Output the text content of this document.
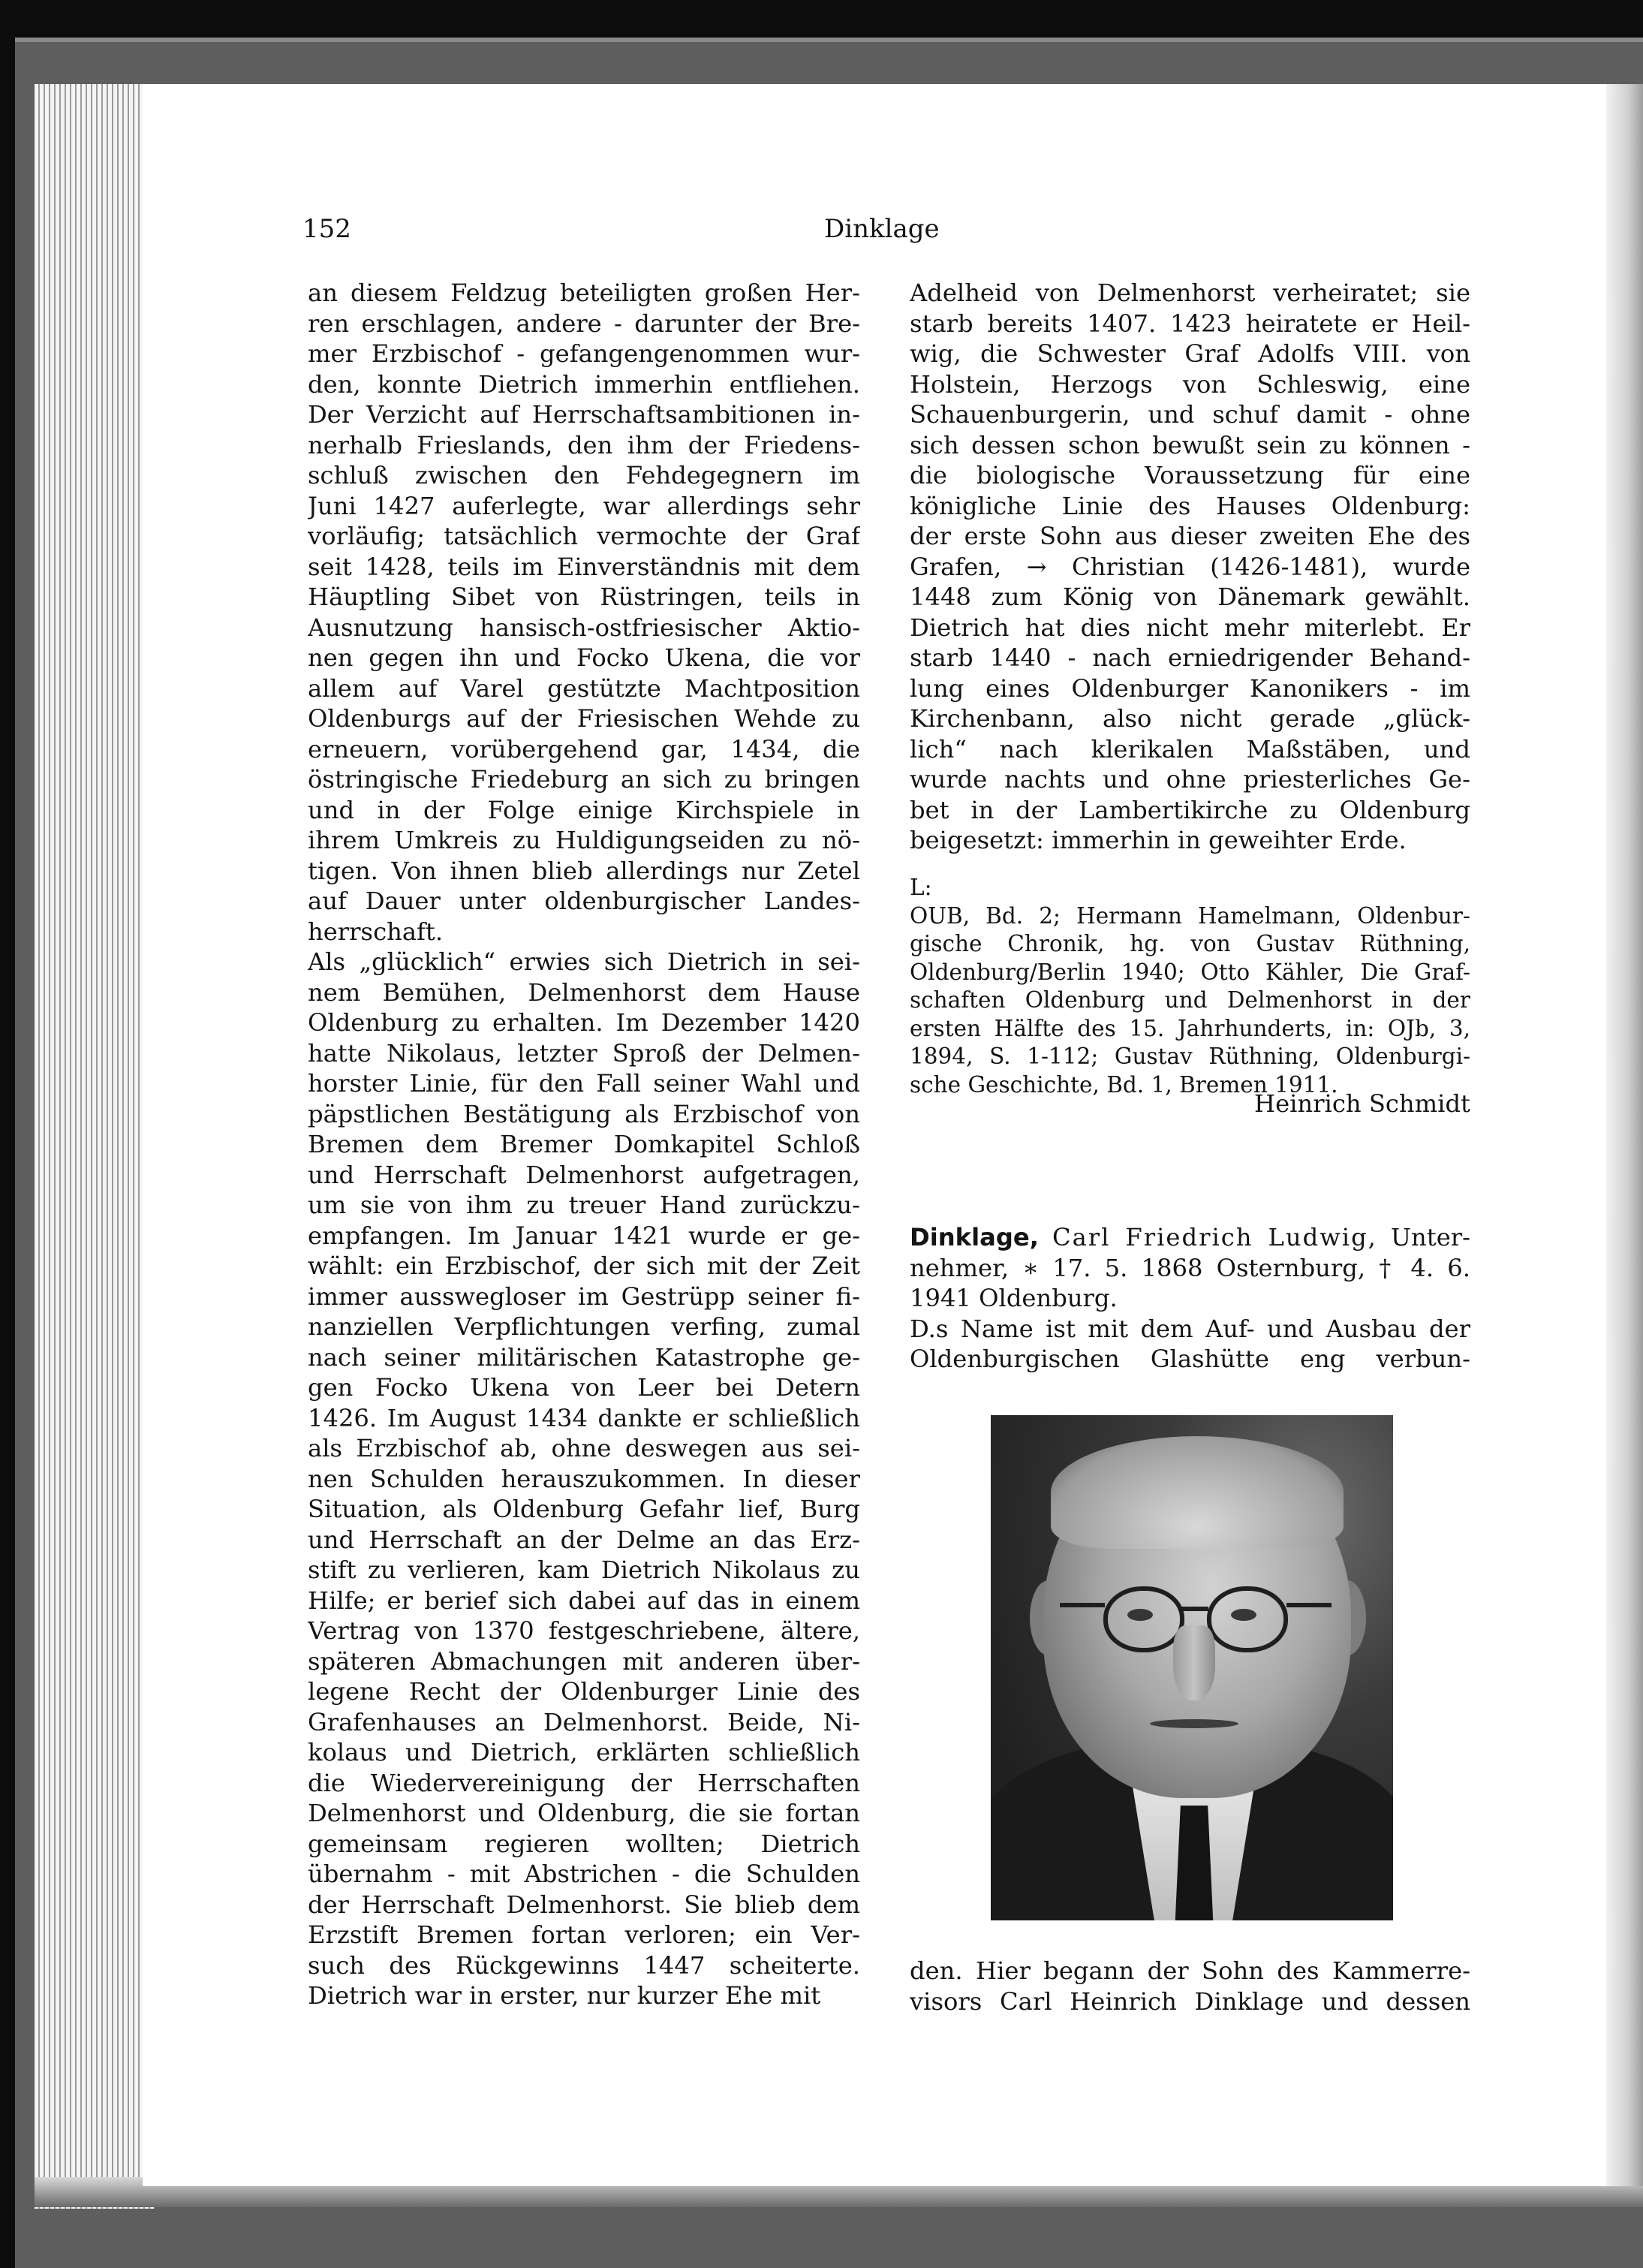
152	Dinklage
an diesem Feldzug beteiligten großen Her-
ren erschlagen, andere - darunter der Bre-
mer Erzbischof - gefangengenommen wur-
den, konnte Dietrich immerhin entfliehen.
Der Verzicht auf Herrschaftsambitionen in-
nerhalb Frieslands, den ihm der Friedens-
schluß zwischen den Fehdegegnern im
Juni 1427 auferlegte, war allerdings sehr
vorläufig; tatsächlich vermochte der Graf
seit 1428, teils im Einverständnis mit dem
Häuptling Sibet von Rüstringen, teils in
Ausnutzung hansisch-ostfriesischer Aktio-
nen gegen ihn und Focko Ukena, die vor
allem auf Varel gestützte Machtposition
Oldenburgs auf der Friesischen Wehde zu
erneuern, vorübergehend gar, 1434, die
östringische Friedeburg an sich zu bringen
und in der Folge einige Kirchspiele in
ihrem Umkreis zu Huldigungseiden zu nö-
tigen. Von ihnen blieb allerdings nur Zetel
auf Dauer unter oldenburgischer Landes-
herrschaft.
Als „glücklich“ erwies sich Dietrich in sei-
nem Bemühen, Delmenhorst dem Hause
Oldenburg zu erhalten. Im Dezember 1420
hatte Nikolaus, letzter Sproß der Delmen-
horster Linie, für den Fall seiner Wahl und
päpstlichen Bestätigung als Erzbischof von
Bremen dem Bremer Domkapitel Schloß
und Herrschaft Delmenhorst aufgetragen,
um sie von ihm zu treuer Hand zurückzu-
empfangen. Im Januar 1421 wurde er ge-
wählt: ein Erzbischof, der sich mit der Zeit
immer ausswegloser im Gestrüpp seiner fi-
nanziellen Verpflichtungen verfing, zumal
nach seiner militärischen Katastrophe ge-
gen Focko Ukena von Leer bei Detern
1426. Im August 1434 dankte er schließlich
als Erzbischof ab, ohne deswegen aus sei-
nen Schulden herauszukommen. In dieser
Situation, als Oldenburg Gefahr lief, Burg
und Herrschaft an der Delme an das Erz-
stift zu verlieren, kam Dietrich Nikolaus zu
Hilfe; er berief sich dabei auf das in einem
Vertrag von 1370 festgeschriebene, ältere,
späteren Abmachungen mit anderen über-
legene Recht der Oldenburger Linie des
Grafenhauses an Delmenhorst. Beide, Ni-
kolaus und Dietrich, erklärten schließlich
die Wiedervereinigung der Herrschaften
Delmenhorst und Oldenburg, die sie fortan
gemeinsam regieren wollten; Dietrich
übernahm - mit Abstrichen - die Schulden
der Herrschaft Delmenhorst. Sie blieb dem
Erzstift Bremen fortan verloren; ein Ver-
such des Rückgewinns 1447 scheiterte.
Dietrich war in erster, nur kurzer Ehe mit
Adelheid von Delmenhorst verheiratet; sie
starb bereits 1407. 1423 heiratete er Heil-
wig, die Schwester Graf Adolfs VIII. von
Holstein, Herzogs von Schleswig, eine
Schauenburgerin, und schuf damit - ohne
sich dessen schon bewußt sein zu können -
die biologische Voraussetzung für eine
königliche Linie des Hauses Oldenburg:
der erste Sohn aus dieser zweiten Ehe des
Grafen, → Christian (1426-1481), wurde
1448 zum König von Dänemark gewählt.
Dietrich hat dies nicht mehr miterlebt. Er
starb 1440 - nach erniedrigender Behand-
lung eines Oldenburger Kanonikers - im
Kirchenbann, also nicht gerade „glück-
lich“ nach klerikalen Maßstäben, und
wurde nachts und ohne priesterliches Ge-
bet in der Lambertikirche zu Oldenburg
beigesetzt: immerhin in geweihter Erde.
L:
OUB, Bd. 2; Hermann Hamelmann, Oldenbur-
gische Chronik, hg. von Gustav Rüthning,
Oldenburg/Berlin 1940; Otto Kähler, Die Graf-
schaften Oldenburg und Delmenhorst in der
ersten Hälfte des 15. Jahrhunderts, in: OJb, 3,
1894, S. 1-112; Gustav Rüthning, Oldenburgi-
sche Geschichte, Bd. 1, Bremen 1911.
Heinrich Schmidt
Dinklage, Carl Friedrich Ludwig, Unter-
nehmer, ∗ 17. 5. 1868 Osternburg, † 4. 6.
1941 Oldenburg.
D.s Name ist mit dem Auf- und Ausbau der
Oldenburgischen Glashütte eng verbun-
den. Hier begann der Sohn des Kammerre-
visors Carl Heinrich Dinklage und dessen
